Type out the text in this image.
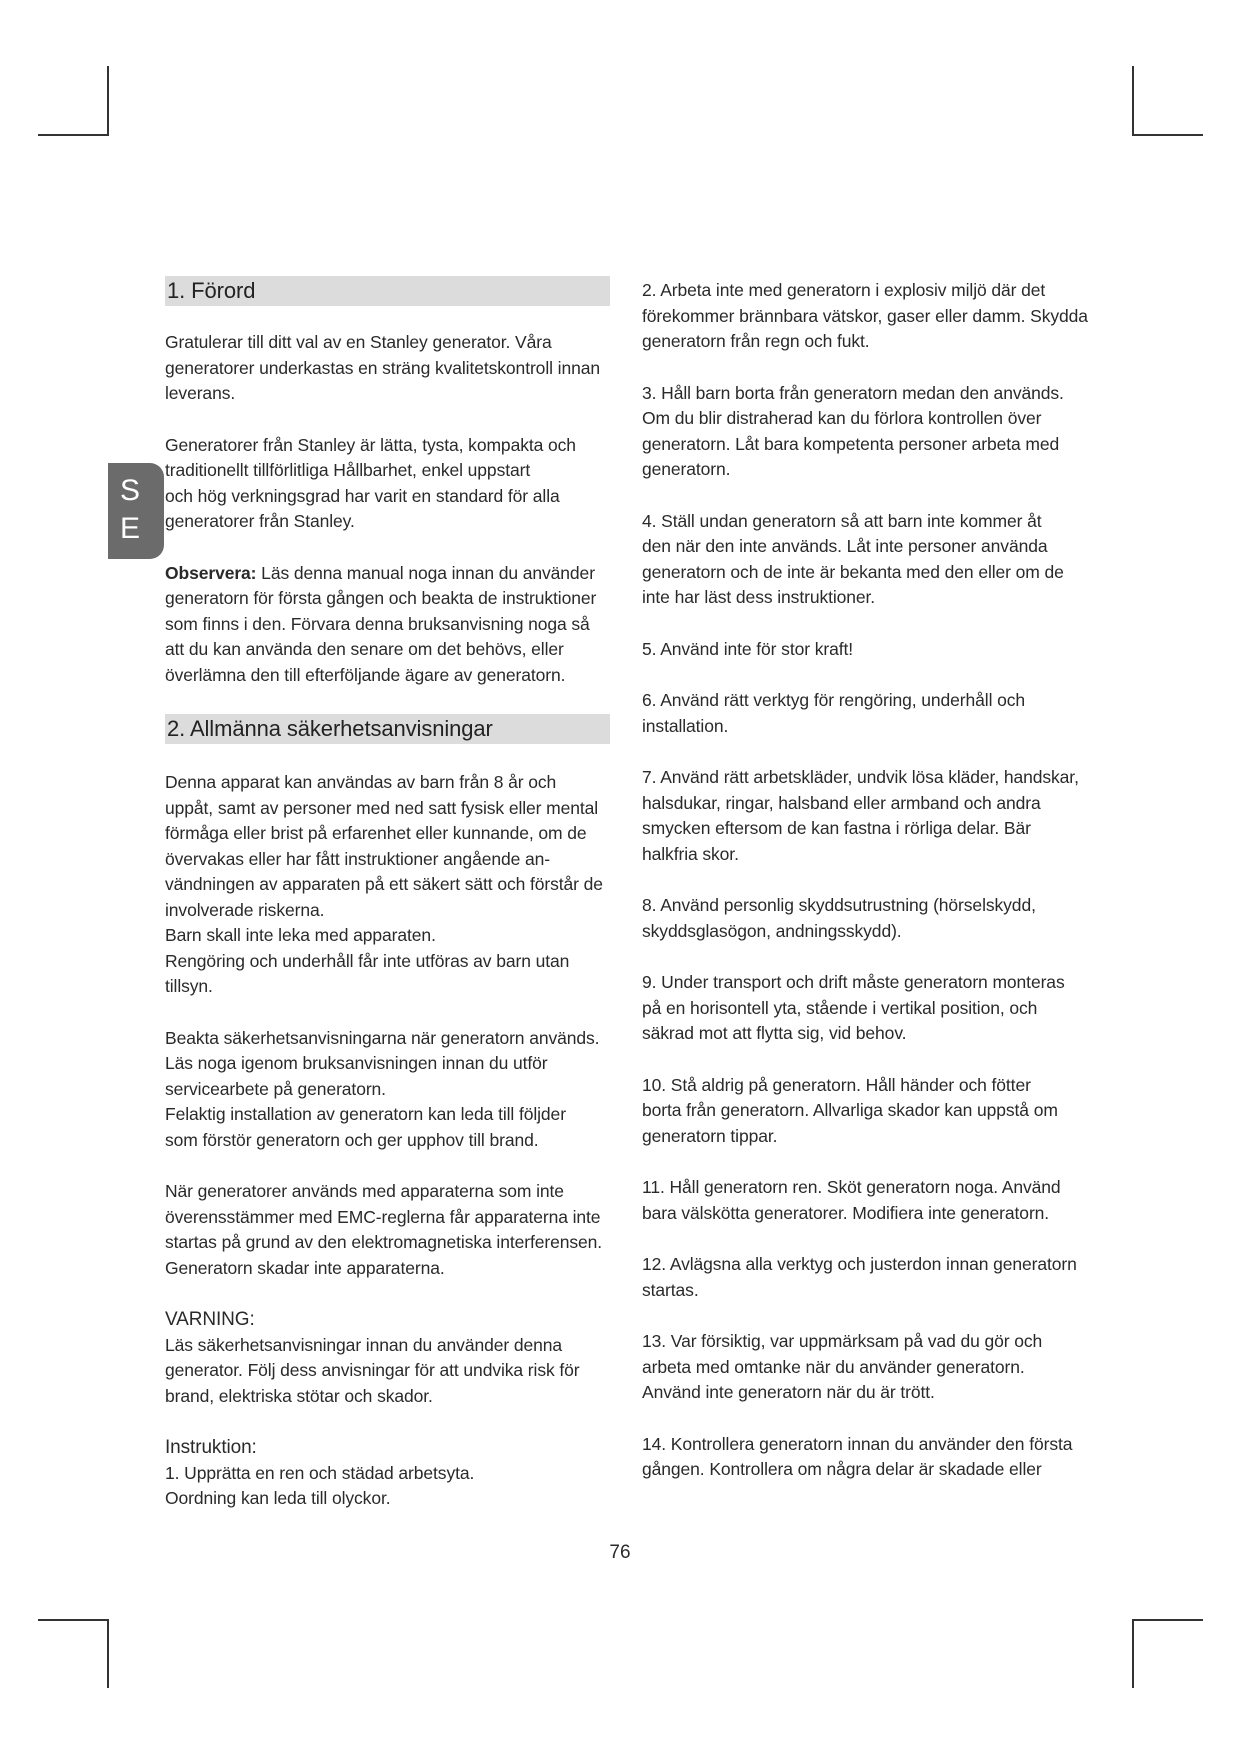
S
E
1. Förord

Gratulerar till ditt val av en Stanley generator. Våra
generatorer underkastas en sträng kvalitetskontroll innan
leverans.

Generatorer från Stanley är lätta, tysta, kompakta och
traditionellt tillförlitliga Hållbarhet, enkel uppstart
och hög verkningsgrad har varit en standard för alla
generatorer från Stanley.

Observera: Läs denna manual noga innan du använder
generatorn för första gången och beakta de instruktioner
som finns i den. Förvara denna bruksanvisning noga så
att du kan använda den senare om det behövs, eller
överlämna den till efterföljande ägare av generatorn.

2. Allmänna säkerhetsanvisningar

Denna apparat kan användas av barn från 8 år och
uppåt, samt av personer med ned satt fysisk eller mental
förmåga eller brist på erfarenhet eller kunnande, om de
övervakas eller har fått instruktioner angående an-
vändningen av apparaten på ett säkert sätt och förstår de
involverade riskerna.
Barn skall inte leka med apparaten.
Rengöring och underhåll får inte utföras av barn utan
tillsyn.

Beakta säkerhetsanvisningarna när generatorn används.
Läs noga igenom bruksanvisningen innan du utför
servicearbete på generatorn.
Felaktig installation av generatorn kan leda till följder
som förstör generatorn och ger upphov till brand.

När generatorer används med apparaterna som inte
överensstämmer med EMC-reglerna får apparaterna inte
startas på grund av den elektromagnetiska interferensen.
Generatorn skadar inte apparaterna.

VARNING:
Läs säkerhetsanvisningar innan du använder denna
generator. Följ dess anvisningar för att undvika risk för
brand, elektriska stötar och skador.

Instruktion:
1. Upprätta en ren och städad arbetsyta.
Oordning kan leda till olyckor.

2. Arbeta inte med generatorn i explosiv miljö där det
förekommer brännbara vätskor, gaser eller damm. Skydda
generatorn från regn och fukt.

3. Håll barn borta från generatorn medan den används.
Om du blir distraherad kan du förlora kontrollen över
generatorn. Låt bara kompetenta personer arbeta med
generatorn.

4. Ställ undan generatorn så att barn inte kommer åt
den när den inte används. Låt inte personer använda
generatorn och de inte är bekanta med den eller om de
inte har läst dess instruktioner.

5. Använd inte för stor kraft!

6. Använd rätt verktyg för rengöring, underhåll och
installation.

7. Använd rätt arbetskläder, undvik lösa kläder, handskar,
halsdukar, ringar, halsband eller armband och andra
smycken eftersom de kan fastna i rörliga delar. Bär
halkfria skor.

8. Använd personlig skyddsutrustning (hörselskydd,
skyddsglasögon, andningsskydd).

9. Under transport och drift måste generatorn monteras
på en horisontell yta, stående i vertikal position, och
säkrad mot att flytta sig, vid behov.

10. Stå aldrig på generatorn. Håll händer och fötter
borta från generatorn. Allvarliga skador kan uppstå om
generatorn tippar.

11. Håll generatorn ren. Sköt generatorn noga. Använd
bara välskötta generatorer. Modifiera inte generatorn.

12. Avlägsna alla verktyg och justerdon innan generatorn
startas.

13. Var försiktig, var uppmärksam på vad du gör och
arbeta med omtanke när du använder generatorn.
Använd inte generatorn när du är trött.

14. Kontrollera generatorn innan du använder den första
gången. Kontrollera om några delar är skadade eller

76
